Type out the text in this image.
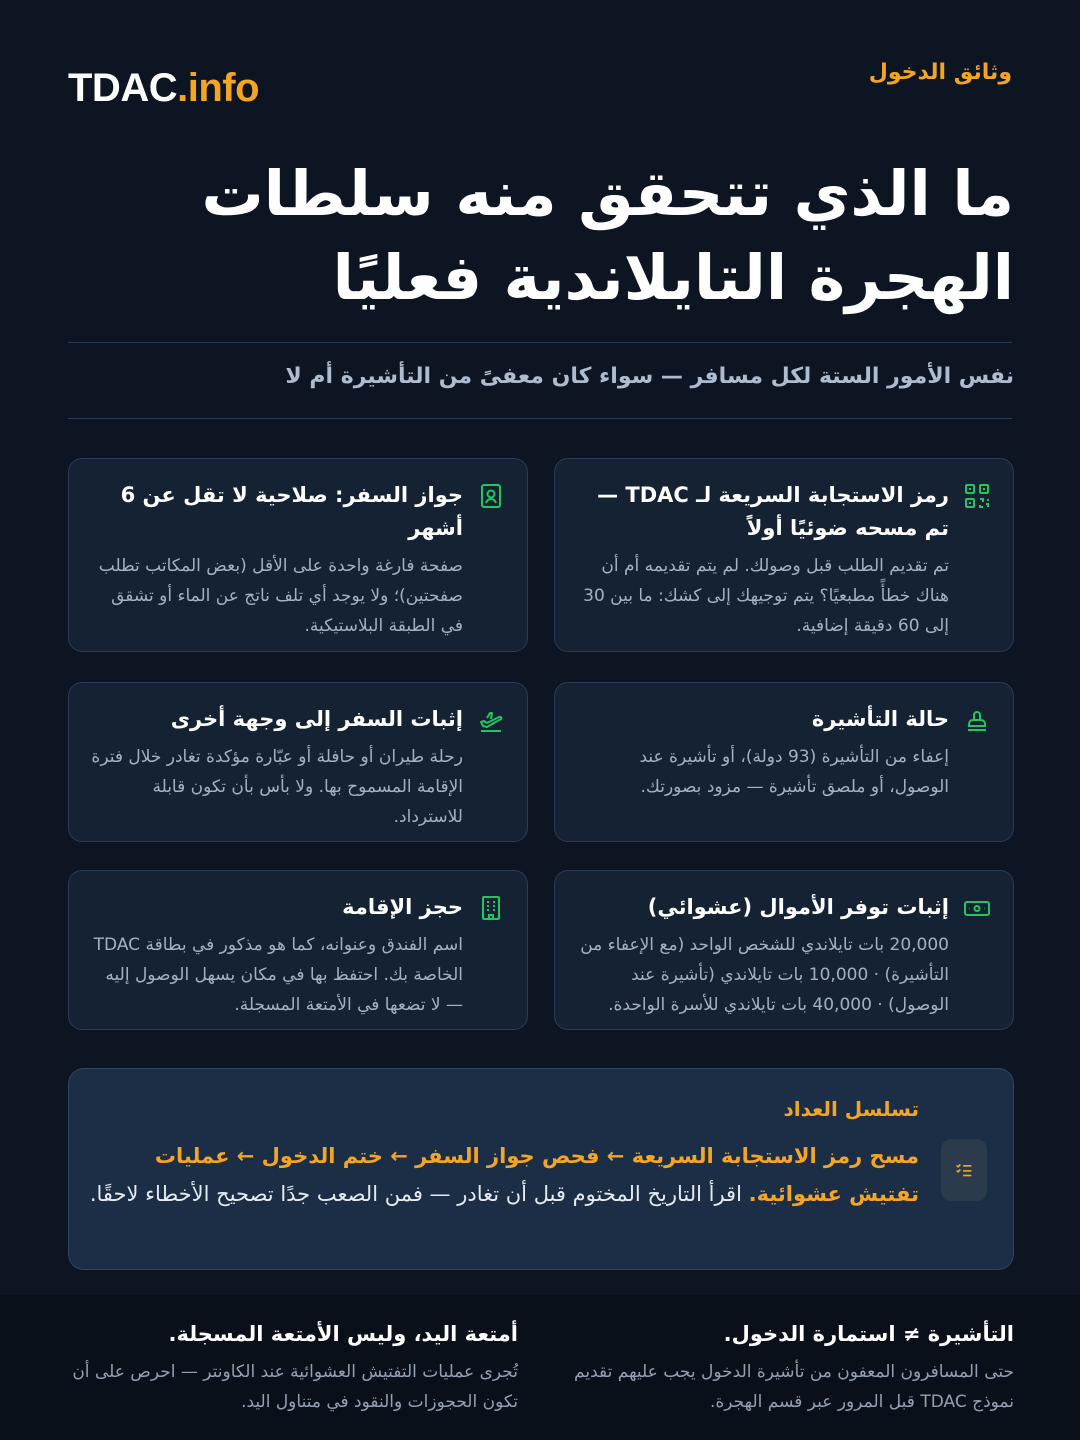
وثائق الدخول
TDAC.info
ما الذي تتحقق منه سلطات
الهجرة التايلاندية فعليًا
نفس الأمور الستة لكل مسافر — سواء كان معفىً من التأشيرة أم لا
رمز الاستجابة السريعة لـ TDAC — تم مسحه ضوئيًا أولاً
تم تقديم الطلب قبل وصولك. لم يتم تقديمه أم أن هناك خطأً مطبعيًا؟ يتم توجيهك إلى كشك: ما بين 30 إلى 60 دقيقة إضافية.
جواز السفر: صلاحية لا تقل عن 6 أشهر
صفحة فارغة واحدة على الأقل (بعض المكاتب تطلب صفحتين)؛ ولا يوجد أي تلف ناتج عن الماء أو تشقق في الطبقة البلاستيكية.
حالة التأشيرة
إعفاء من التأشيرة (93 دولة)، أو تأشيرة عند الوصول، أو ملصق تأشيرة — مزود بصورتك.
إثبات السفر إلى وجهة أخرى
رحلة طيران أو حافلة أو عبّارة مؤكدة تغادر خلال فترة الإقامة المسموح بها. ولا بأس بأن تكون قابلة للاسترداد.
إثبات توفر الأموال (عشوائي)
20,000 بات تايلاندي للشخص الواحد (مع الإعفاء من التأشيرة) · 10,000 بات تايلاندي (تأشيرة عند الوصول) · 40,000 بات تايلاندي للأسرة الواحدة.
حجز الإقامة
اسم الفندق وعنوانه، كما هو مذكور في بطاقة TDAC الخاصة بك. احتفظ بها في مكان يسهل الوصول إليه — لا تضعها في الأمتعة المسجلة.
تسلسل العداد
مسح رمز الاستجابة السريعة ← فحص جواز السفر ← ختم الدخول ← عمليات تفتيش عشوائية. اقرأ التاريخ المختوم قبل أن تغادر — فمن الصعب جدًا تصحيح الأخطاء لاحقًا.
التأشيرة ≠ استمارة الدخول.
حتى المسافرون المعفون من تأشيرة الدخول يجب عليهم تقديم نموذج TDAC قبل المرور عبر قسم الهجرة.
أمتعة اليد، وليس الأمتعة المسجلة.
تُجرى عمليات التفتيش العشوائية عند الكاونتر — احرص على أن تكون الحجوزات والنقود في متناول اليد.
